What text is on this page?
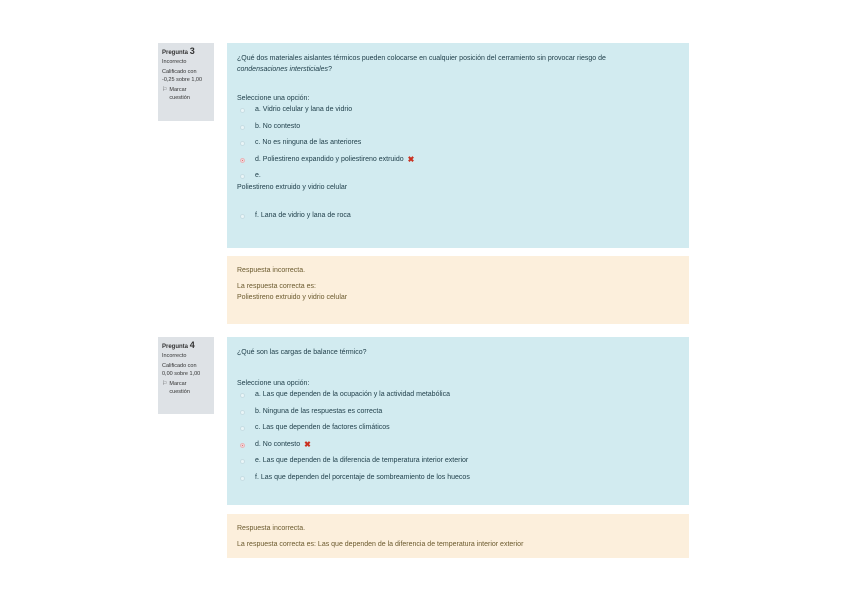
Pregunta 3
Incorrecto
Calificado con
-0,25 sobre 1,00
⚐ Marcar
cuestión
¿Qué dos materiales aislantes térmicos pueden colocarse en cualquier posición del cerramiento sin provocar riesgo de
condensaciones intersticiales?
Seleccione una opción:
a. Vidrio celular y lana de vidrio
b. No contesto
c. No es ninguna de las anteriores
d. Poliestireno expandido y poliestireno extruido ✖
e.
Poliestireno extruido y vidrio celular
f. Lana de vidrio y lana de roca
Respuesta incorrecta.
La respuesta correcta es:
Poliestireno extruido y vidrio celular
Pregunta 4
Incorrecto
Calificado con
0,00 sobre 1,00
⚐ Marcar
cuestión
¿Qué son las cargas de balance térmico?
Seleccione una opción:
a. Las que dependen de la ocupación y la actividad metabólica
b. Ninguna de las respuestas es correcta
c. Las que dependen de factores climáticos
d. No contesto ✖
e. Las que dependen de la diferencia de temperatura interior exterior
f. Las que dependen del porcentaje de sombreamiento de los huecos
Respuesta incorrecta.
La respuesta correcta es: Las que dependen de la diferencia de temperatura interior exterior
